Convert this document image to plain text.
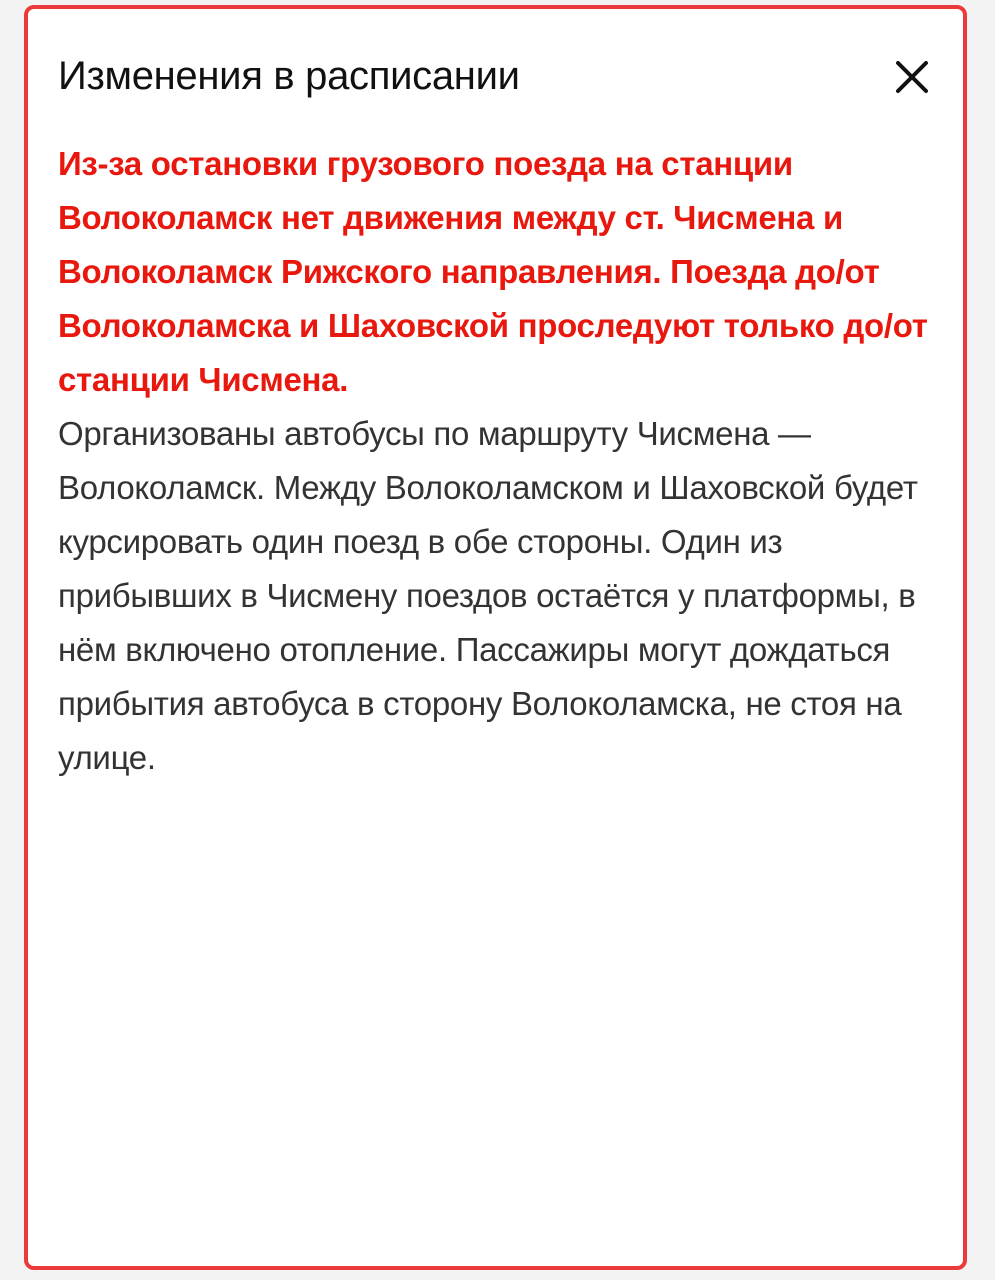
Изменения в расписании

Из-за остановки грузового поезда на станции Волоколамск нет движения между ст. Чисмена и Волоколамск Рижского направления. Поезда до/от Волоколамска и Шаховской проследуют только до/от станции Чисмена.

Организованы автобусы по маршруту Чисмена — Волоколамск. Между Волоколамском и Шаховской будет курсировать один поезд в обе стороны. Один из прибывших в Чисмену поездов остаётся у платформы, в нём включено отопление. Пассажиры могут дождаться прибытия автобуса в сторону Волоколамска, не стоя на улице.
